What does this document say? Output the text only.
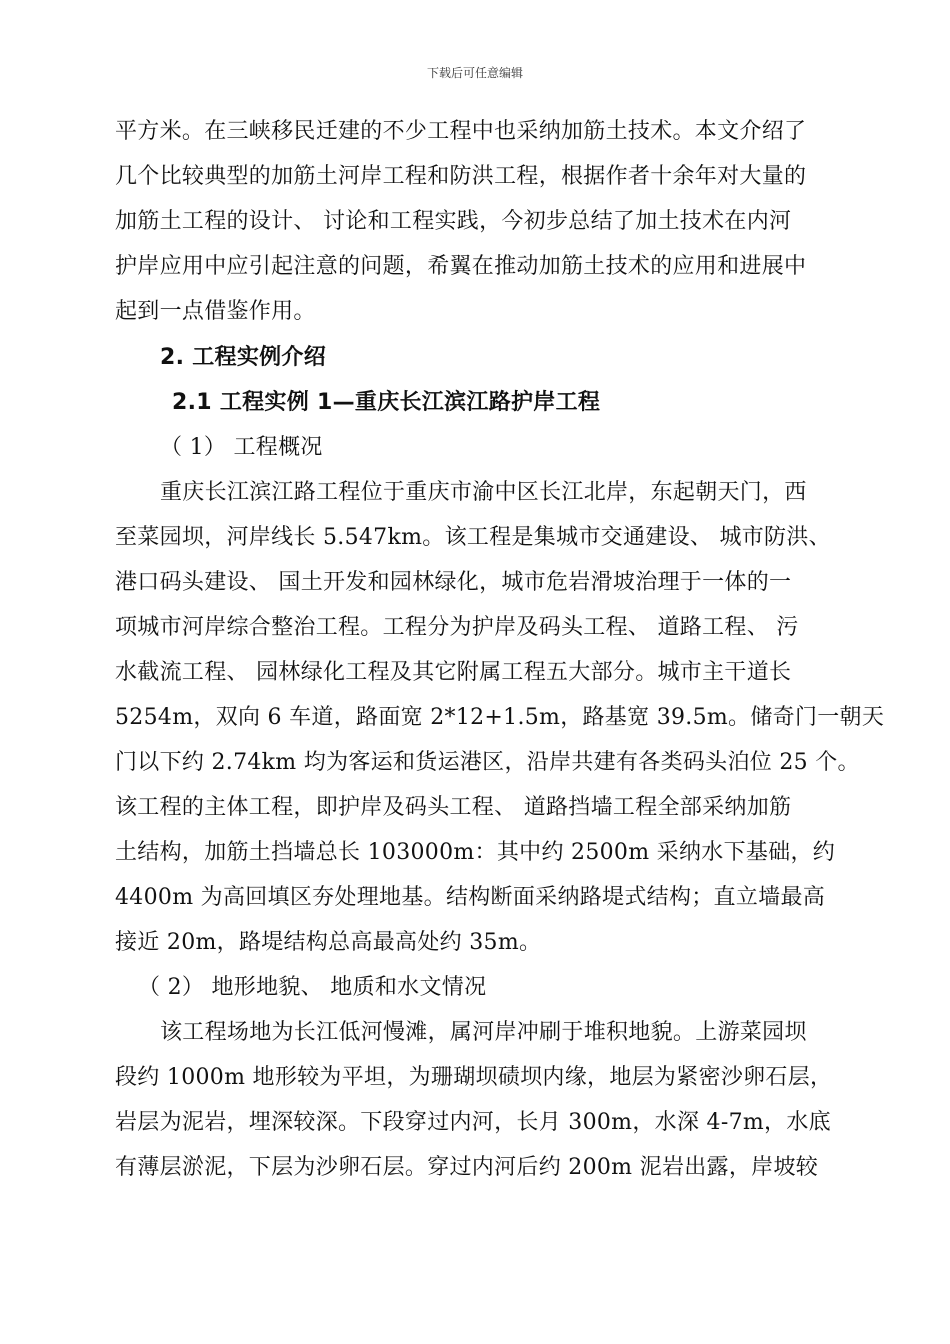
下载后可任意编辑
平方米。在三峡移民迁建的不少工程中也采纳加筋土技术。本文介绍了
几个比较典型的加筋土河岸工程和防洪工程，根据作者十余年对大量的
加筋土工程的设计、 讨论和工程实践，今初步总结了加土技术在内河
护岸应用中应引起注意的问题，希翼在推动加筋土技术的应用和进展中
起到一点借鉴作用。
2. 工程实例介绍
2.1 工程实例 1—重庆长江滨江路护岸工程
（ 1） 工程概况
重庆长江滨江路工程位于重庆市渝中区长江北岸，东起朝天门，西
至菜园坝，河岸线长 5.547km。该工程是集城市交通建设、 城市防洪、
港口码头建设、 国土开发和园林绿化，城市危岩滑坡治理于一体的一
项城市河岸综合整治工程。工程分为护岸及码头工程、 道路工程、 污
水截流工程、 园林绿化工程及其它附属工程五大部分。城市主干道长
5254m，双向 6 车道，路面宽 2*12+1.5m，路基宽 39.5m。储奇门一朝天
门以下约 2.74km 均为客运和货运港区，沿岸共建有各类码头泊位 25 个。
该工程的主体工程，即护岸及码头工程、 道路挡墙工程全部采纳加筋
土结构，加筋土挡墙总长 103000m：其中约 2500m 采纳水下基础，约
4400m 为高回填区夯处理地基。结构断面采纳路堤式结构；直立墙最高
接近 20m，路堤结构总高最高处约 35m。
（ 2） 地形地貌、 地质和水文情况
该工程场地为长江低河慢滩，属河岸冲刷于堆积地貌。上游菜园坝
段约 1000m 地形较为平坦，为珊瑚坝碛坝内缘，地层为紧密沙卵石层，
岩层为泥岩，埋深较深。下段穿过内河，长月 300m，水深 4-7m，水底
有薄层淤泥，下层为沙卵石层。穿过内河后约 200m 泥岩出露，岸坡较
